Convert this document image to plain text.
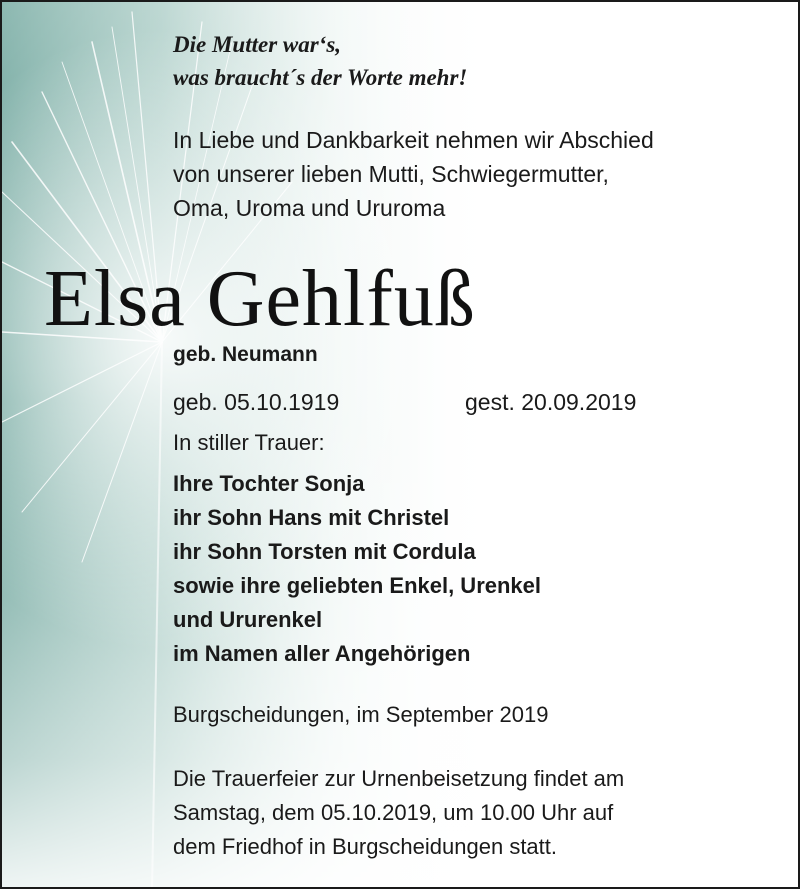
Die Mutter war‘s,
was braucht´s der Worte mehr!
In Liebe und Dankbarkeit nehmen wir Abschied
von unserer lieben Mutti, Schwiegermutter,
Oma, Uroma und Ururoma
Elsa Gehlfuß
geb. Neumann
geb. 05.10.1919	gest. 20.09.2019
In stiller Trauer:
Ihre Tochter Sonja
ihr Sohn Hans mit Christel
ihr Sohn Torsten mit Cordula
sowie ihre geliebten Enkel, Urenkel
und Ururenkel
im Namen aller Angehörigen
Burgscheidungen, im September 2019
Die Trauerfeier zur Urnenbeisetzung findet am
Samstag, dem 05.10.2019, um 10.00 Uhr auf
dem Friedhof in Burgscheidungen statt.
